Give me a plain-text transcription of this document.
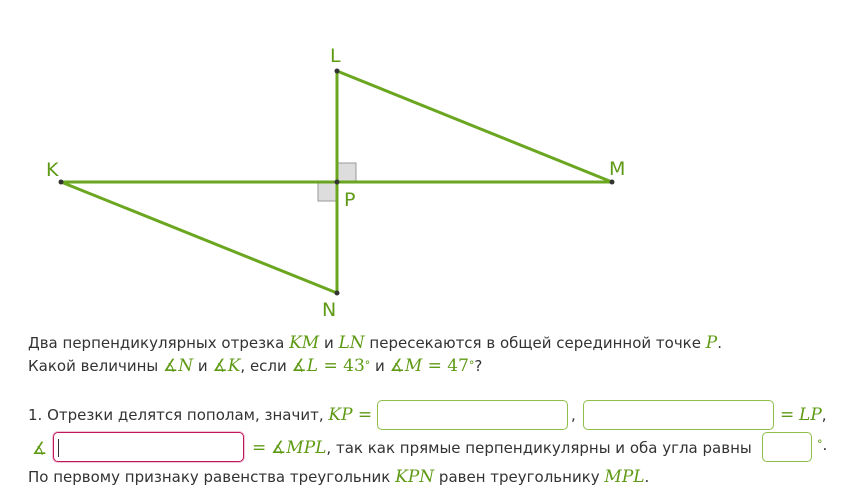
K
L
M
N
P
Два перпендикулярных отрезка KM и LN пересекаются в общей серединной точке P.
Какой величины ∡N и ∡K, если ∡L = 43° и ∡M = 47°?
1. Отрезки делятся пополам, значит, KP =	,	= LP,
∡	= ∡MPL, так как прямые перпендикулярны и оба угла равны	°.
По первому признаку равенства треугольник KPN равен треугольнику MPL.
